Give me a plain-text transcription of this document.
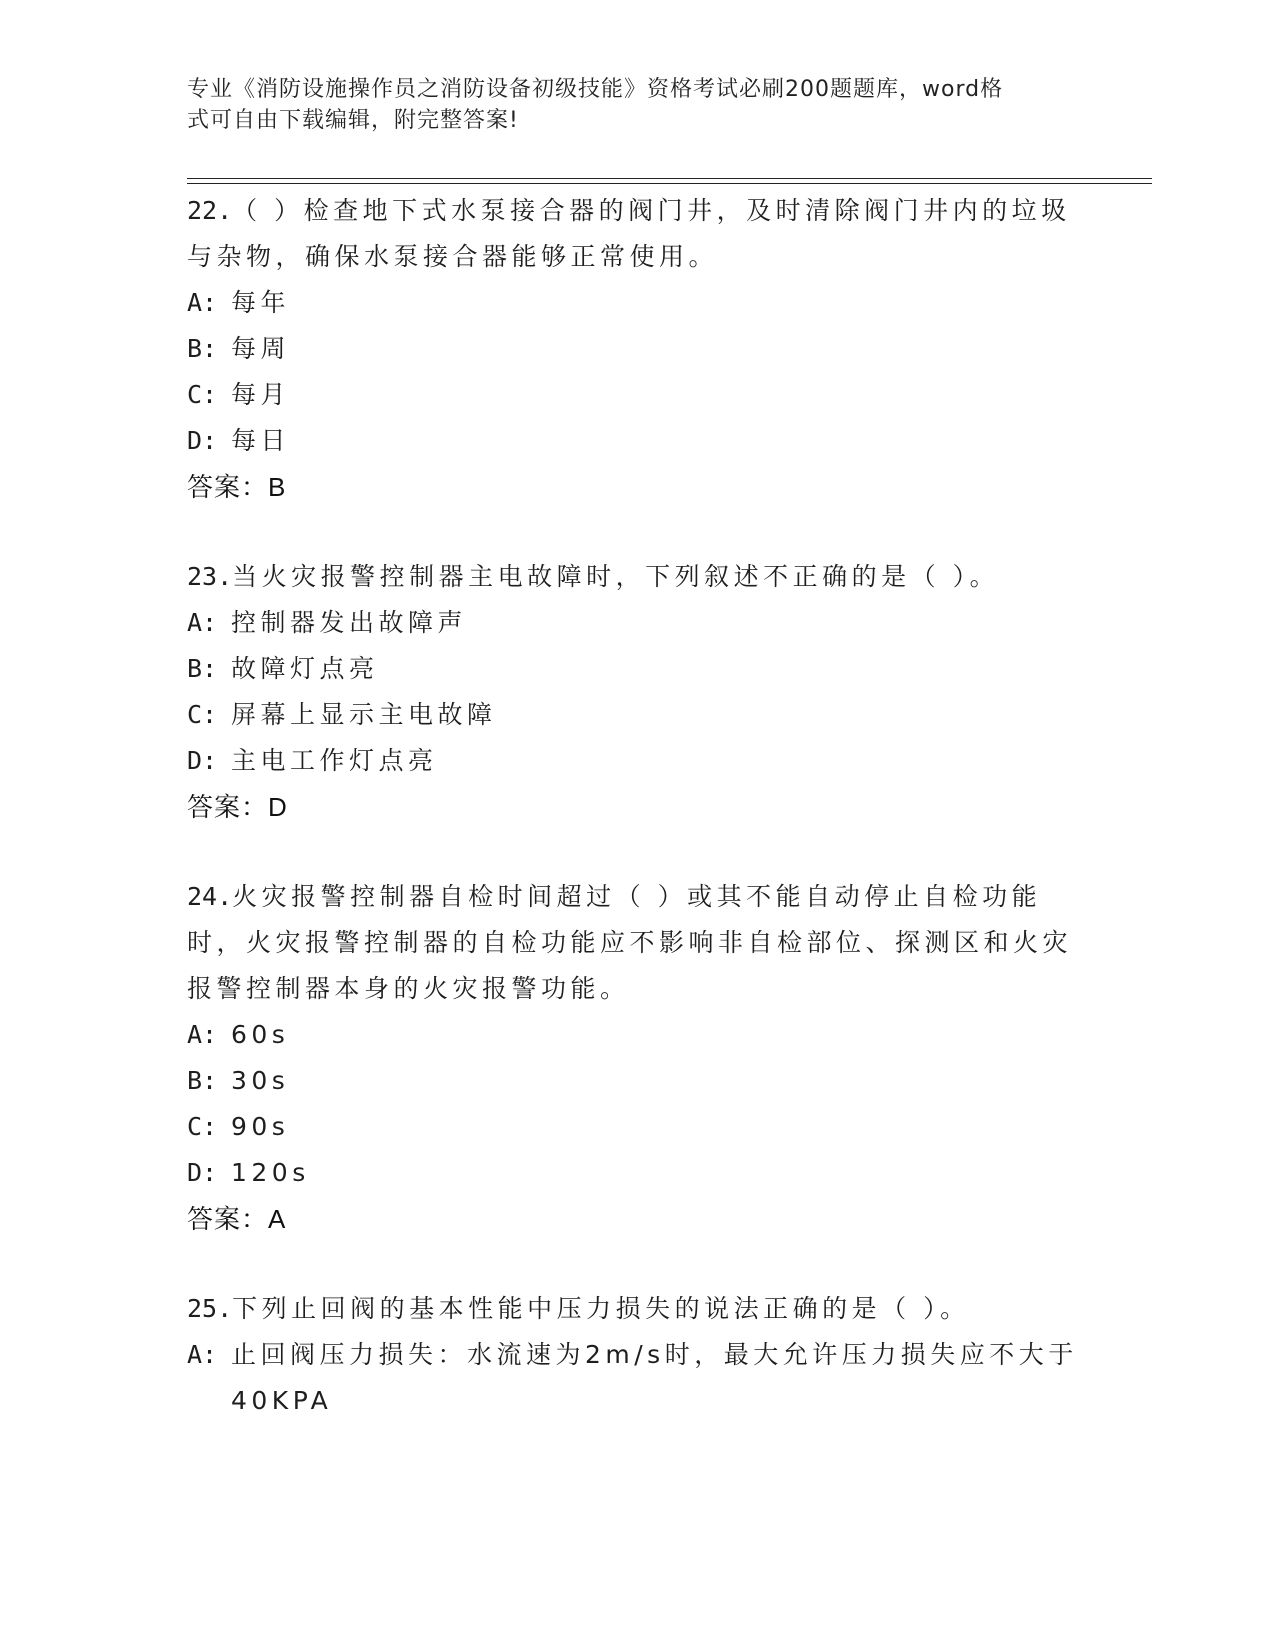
专业《消防设施操作员之消防设备初级技能》资格考试必刷200题题库，word格
式可自由下载编辑，附完整答案!
22.（ ）检查地下式水泵接合器的阀门井，及时清除阀门井内的垃圾与杂物，确保水泵接合器能够正常使用。
A: 每年
B: 每周
C: 每月
D: 每日
答案：B
23.当火灾报警控制器主电故障时，下列叙述不正确的是（ ）。
A: 控制器发出故障声
B: 故障灯点亮
C: 屏幕上显示主电故障
D: 主电工作灯点亮
答案：D
24.火灾报警控制器自检时间超过（ ）或其不能自动停止自检功能时，火灾报警控制器的自检功能应不影响非自检部位、探测区和火灾报警控制器本身的火灾报警功能。
A: 60s
B: 30s
C: 90s
D: 120s
答案：A
25.下列止回阀的基本性能中压力损失的说法正确的是（ ）。
A: 止回阀压力损失：水流速为2m/s时，最大允许压力损失应不大于40KPA
